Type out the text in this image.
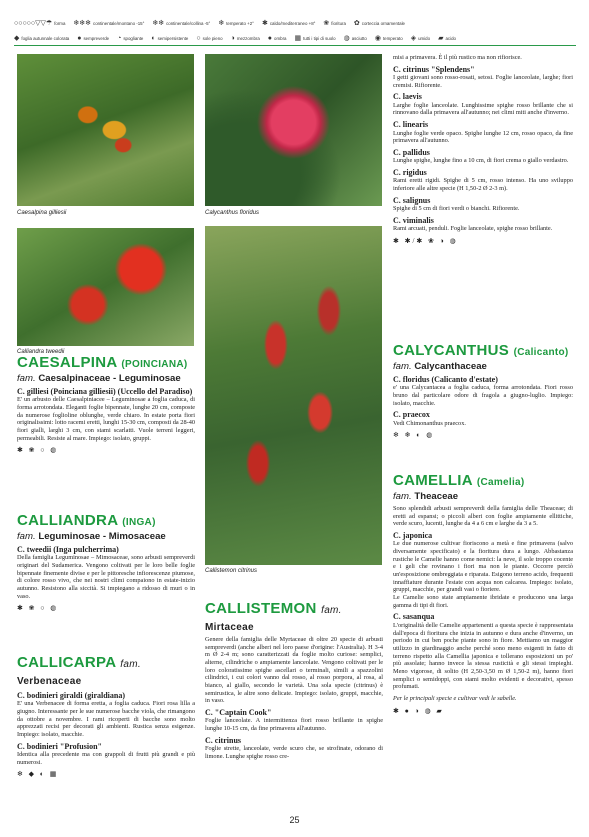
○○○○○▽▽☂ forma ❄❄❄ continentale/montano -15° ❄❄ continentale/collina -5° ❄ temperato +2° ✱ caldo/mediterraneo +8° ❀ fioritura ✿ corteccia ornamentale
◆ foglia autunnale colorata ● sempreverde ◔ spogliante ◐ semipersistente ○ sole pieno ◑ mezzombra ● ombra ▦ tutti i tipi di suolo ◍ asciutto ◉ temperato ◈ umido ▰ acido
Caesalpina gilliesii	Calycanthus floridus
Calliandra tweedii
Callistemon citrinus
CAESALPINA (POINCIANA)
fam. Caesalpinaceae - Leguminosae
C. gilliesi (Poinciana gilliesii) (Uccello del Paradiso)
E' un arbusto delle Caesalpiniacee – Leguminosae a foglia caduca, di forma arrotondata. Eleganti foglie bipennate, lunghe 20 cm, composte da numerose foglioline oblunghe, verde chiaro. In estate porta fiori originalissimi: lotto racemi eretti, lunghi 15-30 cm, composti da 28-40 fiori gialli, larghi 3 cm, con stami scarlatti. Vuole terreni leggeri, permeabili. Resiste al mare. Impiego: isolato, gruppi.
✱ ❀ ○ ◍
CALLIANDRA (INGA)
fam. Leguminosae - Mimosaceae
C. tweedii (Inga pulcherrima)
Della famiglia Leguminosae – Mimosaceae, sono arbusti sempreverdi originari del Sudamerica. Vengono coltivati per le loro belle foglie bipennate finemente divise e per le pittoresche infiorescenze piumose, di colore rosso vivo, che nei nostri climi compaiono in estate-inizio autunno. Resistono alla siccità. Si impiegano a ridosso di muri o in vaso.
✱ ❀ ○ ◍
CALLICARPA fam. Verbenaceae
C. bodinieri giraldi (giraldiana)
E' una Verbenacee di forma eretta, a foglia caduca. Fiori rosa lilla a giugno. Interessante per le sue numerose bacche viola, che rimangono da ottobre a novembre. I rami ricoperti di bacche sono molto apprezzati recisi per decorati gli ambienti. Rustica senza esigenze. Impiego: isolato, macchie.
C. bodinieri "Profusion"
Identica alla precedente ma con grappoli di frutti più grandi e più numerosi.
❄ ◆ ◐ ▦
CALLISTEMON fam. Mirtaceae
Genere della famiglia delle Myrtaceae di oltre 20 specie di arbusti sempreverdi (anche alberi nel loro paese d'origine: l'Australia). H 3-4 m Ø 2-4 m; sono caratterizzati da foglie molto curiose: semplici, alterne, cilindriche o ampiamente lanceolate. Vengono coltivati per le loro coloratissime spighe ascellari o terminali, simili a spazzolini cilindrici, i cui colori vanno dal rosso, al rosso porpora, al rosa, al bianco, al giallo, secondo le varietà. Una sola specie (citrinus) è semirustica, le altre sono delicate. Impiego: isolato, gruppi, macchie, in vaso.
C. "Captain Cook"
Foglie lanceolate. A intermittenza fiori rosso brillante in spighe lunghe 10-15 cm, da fine primavera all'autunno.
C. citrinus
Foglie strette, lanceolate, verde scuro che, se strofinate, odorano di limone. Lunghe spighe rosso cre-
misi a primavera. È il più rustico ma non rifiorisce.
C. citrinus "Splendens"
I getti giovani sono rosso-rosati, setosi. Foglie lanceolate, larghe; fiori cremisi. Rifiorente.
C. laevis
Larghe foglie lanceolate. Lunghissime spighe rosso brillante che si rinnovano dalla primavera all'autunno; nei climi miti anche d'inverno.
C. linearis
Lunghe foglie verde opaco. Spighe lunghe 12 cm, rosso opaco, da fine primavera all'autunno.
C. pallidus
Lunghe spighe, lunghe fino a 10 cm, di fiori crema o giallo verdastro.
C. rigidus
Rami eretti rigidi. Spighe di 5 cm, rosso intenso. Ha uno sviluppo inferiore alle altre specie (H 1,50-2 Ø 2-3 m).
C. salignus
Spighe di 5 cm di fiori verdi o bianchi. Rifiorente.
C. viminalis
Rami arcuati, penduli. Foglie lanceolate, spighe rosso brillante.
✱ ✱/✱ ❀ ◑ ◍
CALYCANTHUS (Calicanto)
fam. Calycanthaceae
C. floridus (Calicanto d'estate)
e' una Calycantacea a foglia caduca, forma arrotondata. Fiori rosso bruno dal particolare odore di fragola a giugno-luglio. Impiego: isolato, macchie.
C. praecox
Vedi Chimonanthus praecox.
❄ ❄ ◐ ◍
CAMELLIA (Camelia)
fam. Theaceae
Sono splendidi arbusti sempreverdi della famiglia delle Theaceae; di eretti ad espansi; o piccoli alberi con foglie ampiamente ellittiche, verde scuro, lucenti, lunghe da 4 a 6 cm e larghe da 3 a 5.
C. japonica
Le due numerose cultivar fioriscono a metà e fine primavera (salvo diversamente specificato) e la fioritura dura a lungo. Abbastanza rustiche le Camelie hanno come nemici: la neve, il sole troppo cocente e i geli che rovinano i fiori ma non le piante. Occorre perciò un'esposizione ombreggiata e riparata. Esigono terreno acido, frequenti innaffiature durante l'estate con acqua non calcarea. Impiego: isolato, gruppi, macchie, per grandi vasi o fioriere.
Le Camelie sono state ampiamente ibridate e producono una larga gamma di tipi di fiori.
C. sasanqua
L'originalità delle Camelie appartenenti a questa specie è rappresentata dall'epoca di fioritura che inizia in autunno e dura anche d'inverno, un periodo in cui ben poche piante sono in fiore. Mettiamo un maggior utilizzo in giardinaggio anche perché sono meno esigenti in fatto di terreno rispetto alla Camellia japonica e tollerano esposizioni un po' più assolate; hanno invece la stessa rusticità e gli stessi impieghi. Meno vigorose, di solito (H 2,50-3,50 m Ø 1,50-2 m), hanno fiori semplici o semidoppi, con stami molto evidenti e decorativi, spesso profumati.
Per le principali specie e cultivar vedi le sabelle.
✱ ● ◑ ◍ ▰
25
